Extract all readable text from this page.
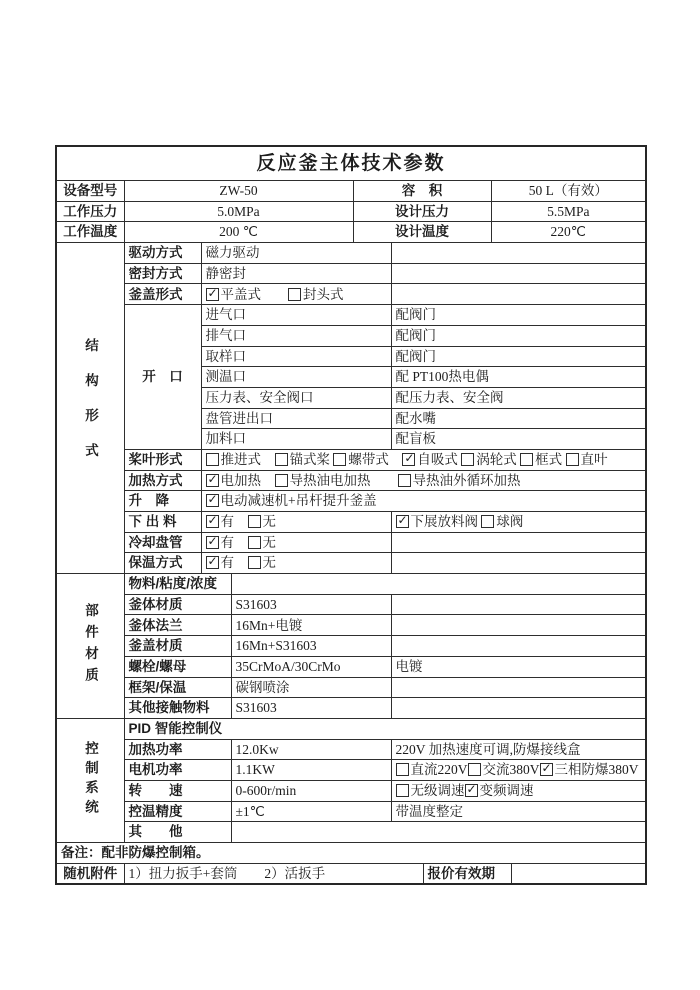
反应釜主体技术参数								
设备型号	ZW-50			容　积			50 L（有效）	
工作压力	5.0MPa			设计压力			5.5MPa	
工作温度	200 ℃			设计温度			220℃	
结构形式	驱动方式	磁力驱动						
	密封方式	静密封						
	釜盖形式	✓ 平盖式　　封头式						
	开　口	进气口			配阀门			
		排气口			配阀门			
		取样口			配阀门			
		测温口			配 PT100热电偶			
		压力表、安全阀口			配压力表、安全阀			
		盘管进出口			配水嘴			
		加料口			配盲板			
	桨叶形式	推进式　锚式桨 螺带式　 ✓ 自吸式 涡轮式 框式 直叶						
	加热方式	✓ 电加热　导热油电加热　　导热油外循环加热						
	升　降	✓ 电动减速机+吊杆提升釜盖						
	下 出 料	✓ 有　无			✓ 下展放料阀 球阀			
	冷却盘管	✓ 有　无						
	保温方式	✓ 有　无						
部件材质	物料/粘度/浓度							
	釜体材质		S31603					
	釜体法兰		16Mn+电镀					
	釜盖材质		16Mn+S31603					
	螺栓/螺母		35CrMoA/30CrMo		电镀			
	框架/保温		碳钢喷涂					
	其他接触物料		S31603					
控制系统	PID 智能控制仪							
	加热功率		12.0Kw		220V 加热速度可调,防爆接线盒			
	电机功率		1.1KW		直流220V 交流380V ✓ 三相防爆380V			
	转　　速		0-600r/min		无级调速 ✓ 变频调速			
	控温精度		±1℃		带温度整定			
	其　　他							
备注：配非防爆控制箱。								
随机附件	1）扭力扳手+套筒　　2）活扳手					报价有效期		
